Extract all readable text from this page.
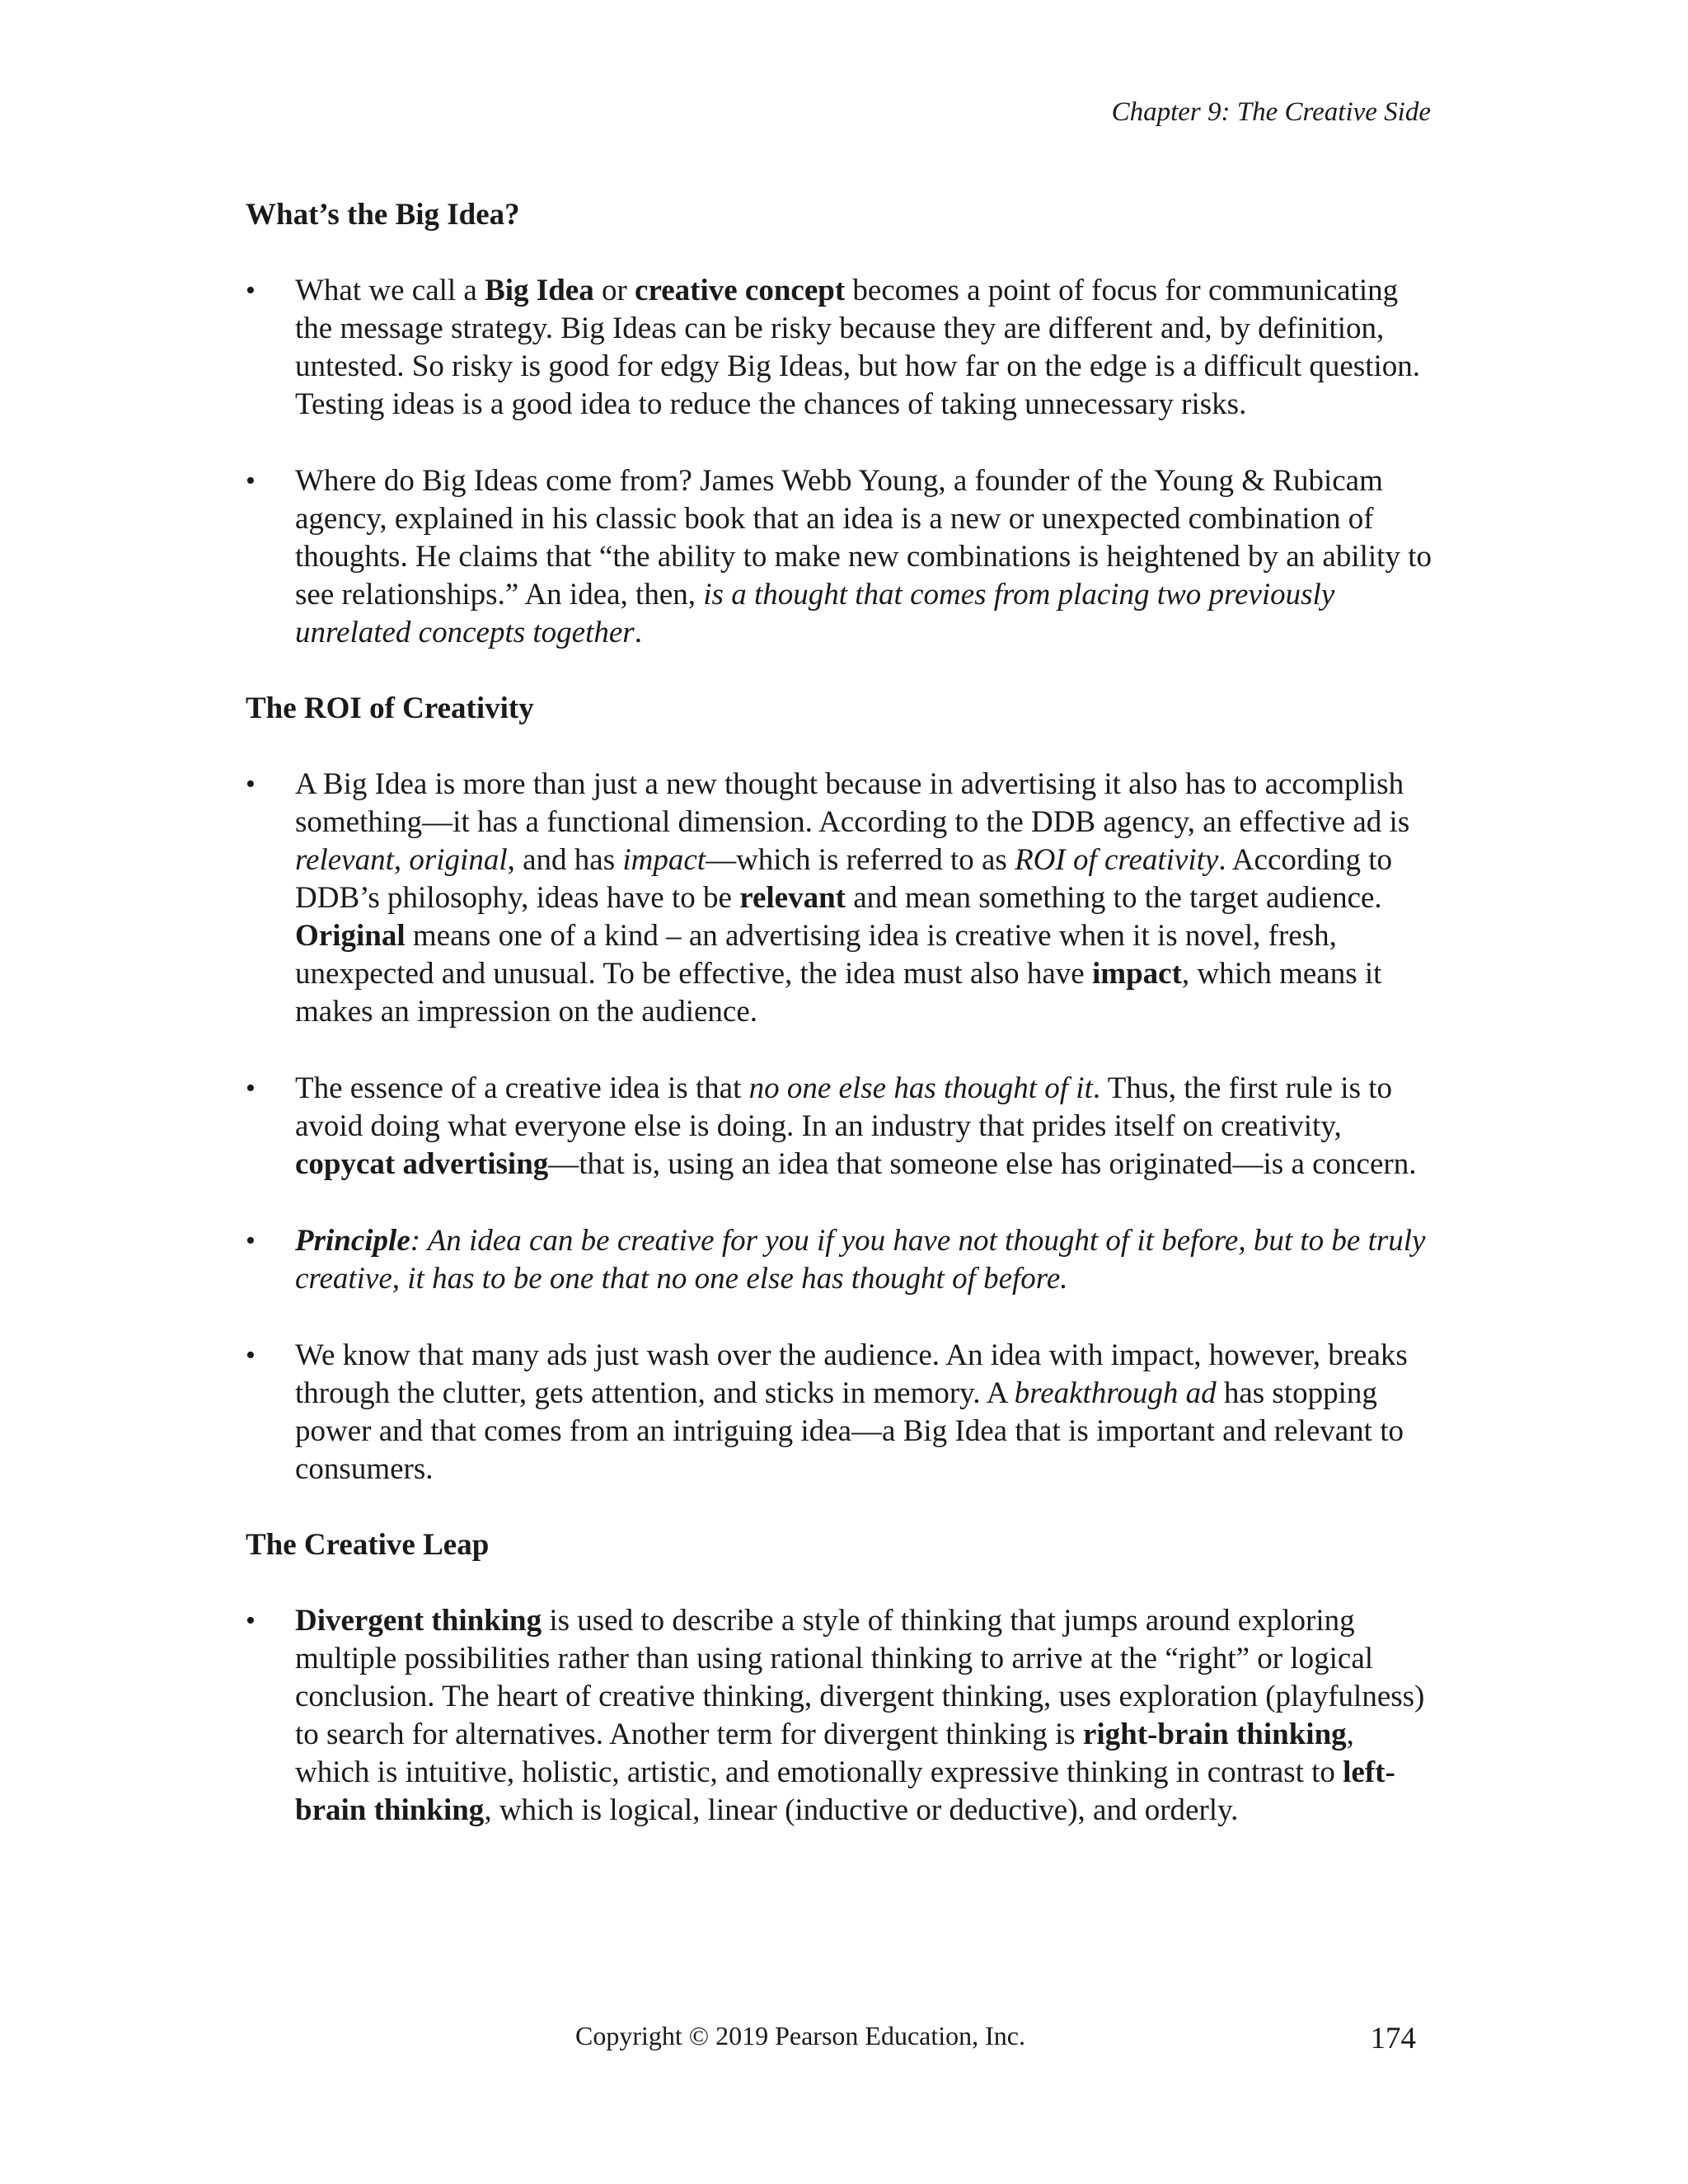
Chapter 9: The Creative Side
What’s the Big Idea?
•	What we call a Big Idea or creative concept becomes a point of focus for communicating the message strategy. Big Ideas can be risky because they are different and, by definition, untested. So risky is good for edgy Big Ideas, but how far on the edge is a difficult question. Testing ideas is a good idea to reduce the chances of taking unnecessary risks.
•	Where do Big Ideas come from? James Webb Young, a founder of the Young & Rubicam agency, explained in his classic book that an idea is a new or unexpected combination of thoughts. He claims that “the ability to make new combinations is heightened by an ability to see relationships.” An idea, then, is a thought that comes from placing two previously unrelated concepts together.
The ROI of Creativity
•	A Big Idea is more than just a new thought because in advertising it also has to accomplish something—it has a functional dimension. According to the DDB agency, an effective ad is relevant, original, and has impact—which is referred to as ROI of creativity. According to DDB’s philosophy, ideas have to be relevant and mean something to the target audience. Original means one of a kind – an advertising idea is creative when it is novel, fresh, unexpected and unusual. To be effective, the idea must also have impact, which means it makes an impression on the audience.
•	The essence of a creative idea is that no one else has thought of it. Thus, the first rule is to avoid doing what everyone else is doing. In an industry that prides itself on creativity, copycat advertising—that is, using an idea that someone else has originated—is a concern.
•	Principle: An idea can be creative for you if you have not thought of it before, but to be truly creative, it has to be one that no one else has thought of before.
•	We know that many ads just wash over the audience. An idea with impact, however, breaks through the clutter, gets attention, and sticks in memory. A breakthrough ad has stopping power and that comes from an intriguing idea—a Big Idea that is important and relevant to consumers.
The Creative Leap
•	Divergent thinking is used to describe a style of thinking that jumps around exploring multiple possibilities rather than using rational thinking to arrive at the “right” or logical conclusion. The heart of creative thinking, divergent thinking, uses exploration (playfulness) to search for alternatives. Another term for divergent thinking is right-brain thinking, which is intuitive, holistic, artistic, and emotionally expressive thinking in contrast to left-brain thinking, which is logical, linear (inductive or deductive), and orderly.
Copyright © 2019 Pearson Education, Inc.	174
